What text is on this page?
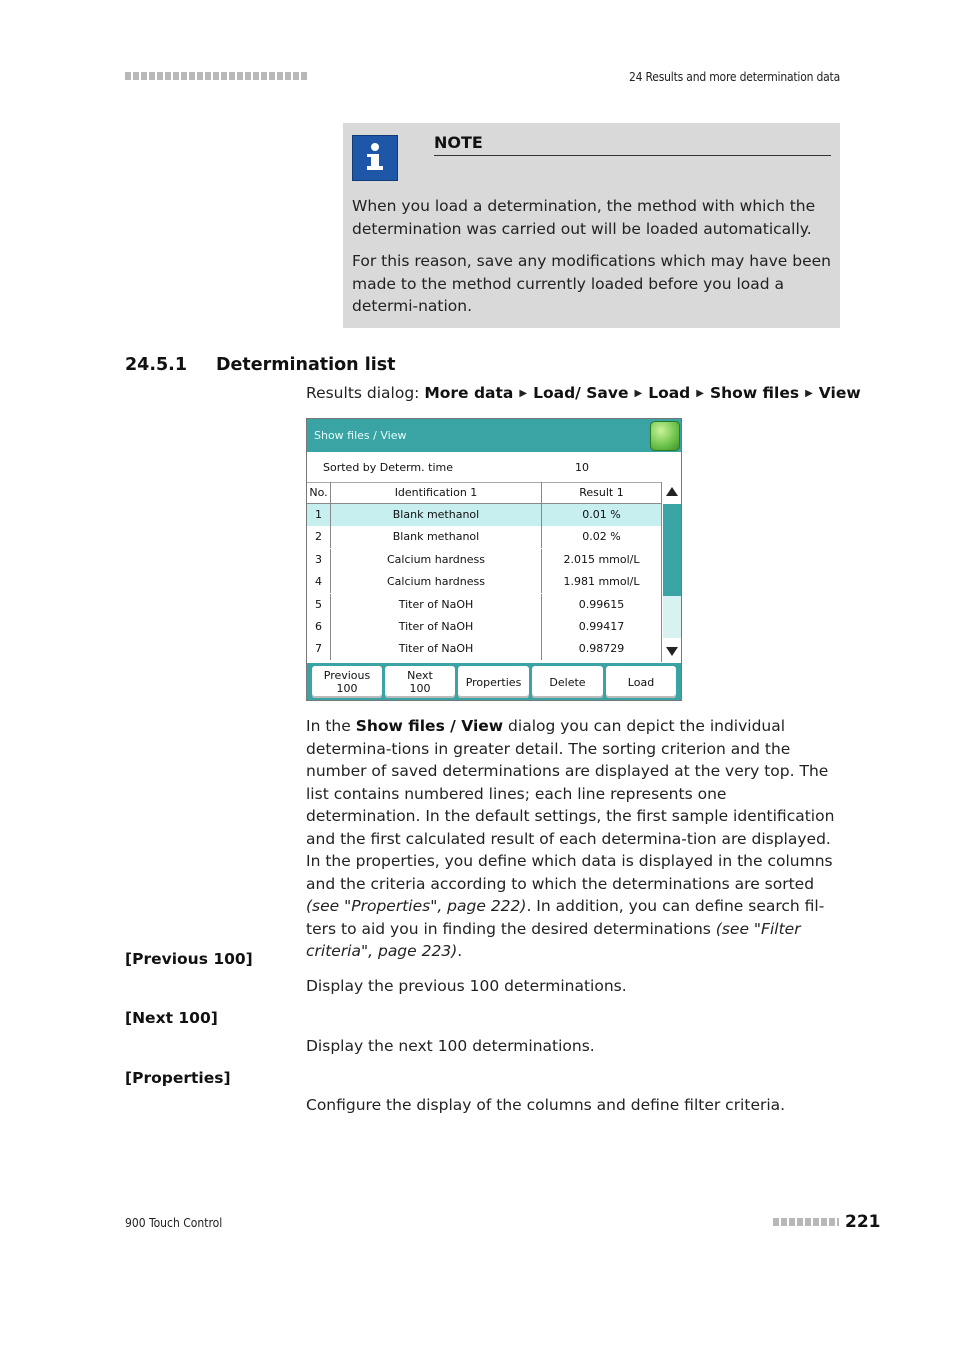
24 Results and more determination data
NOTE

When you load a determination, the method with which the determination was carried out will be loaded automatically.

For this reason, save any modifications which may have been made to the method currently loaded before you load a determi-nation.

24.5.1 Determination list
Results dialog: More data ▶ Load/ Save ▶ Load ▶ Show files ▶ View
Show files / View
Sorted by Determ. time	10
No.	Identification 1	Result 1
1	Blank methanol	0.01 %
2	Blank methanol	0.02 %
3	Calcium hardness	2.015 mmol/L
4	Calcium hardness	1.981 mmol/L
5	Titer of NaOH	0.99615
6	Titer of NaOH	0.99417
7	Titer of NaOH	0.98729
Previous
100
Next
100	Properties	Delete	Load

In the Show files / View dialog you can depict the individual determina-tions in greater detail. The sorting criterion and the number of saved determinations are displayed at the very top. The list contains numbered lines; each line represents one determination. In the default settings, the first sample identification and the first calculated result of each determina-tion are displayed. In the properties, you define which data is displayed in the columns and the criteria according to which the determinations are sorted (see "Properties", page 222). In addition, you can define search fil-ters to aid you in finding the desired determinations (see "Filter criteria", page 223).

[Previous 100]
Display the previous 100 determinations.
[Next 100]
Display the next 100 determinations.
[Properties]
Configure the display of the columns and define filter criteria.
900 Touch Control	221
